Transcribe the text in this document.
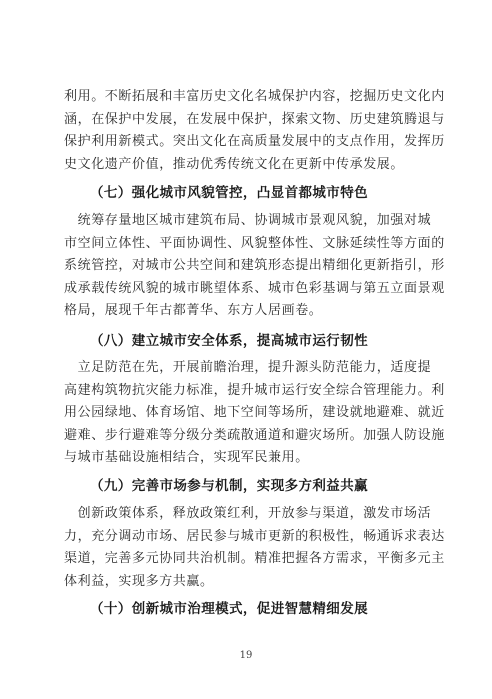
利用。不断拓展和丰富历史文化名城保护内容，挖掘历史文化内
涵，在保护中发展，在发展中保护，探索文物、历史建筑腾退与
保护利用新模式。突出文化在高质量发展中的支点作用，发挥历
史文化遗产价值，推动优秀传统文化在更新中传承发展。
（七）强化城市风貌管控，凸显首都城市特色
　统筹存量地区城市建筑布局、协调城市景观风貌，加强对城
市空间立体性、平面协调性、风貌整体性、文脉延续性等方面的
系统管控，对城市公共空间和建筑形态提出精细化更新指引，形
成承载传统风貌的城市眺望体系、城市色彩基调与第五立面景观
格局，展现千年古都菁华、东方人居画卷。
（八）建立城市安全体系，提高城市运行韧性
　立足防范在先，开展前瞻治理，提升源头防范能力，适度提
高建构筑物抗灾能力标准，提升城市运行安全综合管理能力。利
用公园绿地、体育场馆、地下空间等场所，建设就地避难、就近
避难、步行避难等分级分类疏散通道和避灾场所。加强人防设施
与城市基础设施相结合，实现军民兼用。
（九）完善市场参与机制，实现多方利益共赢
　创新政策体系，释放政策红利，开放参与渠道，激发市场活
力，充分调动市场、居民参与城市更新的积极性，畅通诉求表达
渠道，完善多元协同共治机制。精准把握各方需求，平衡多元主
体利益，实现多方共赢。
（十）创新城市治理模式，促进智慧精细发展
19
